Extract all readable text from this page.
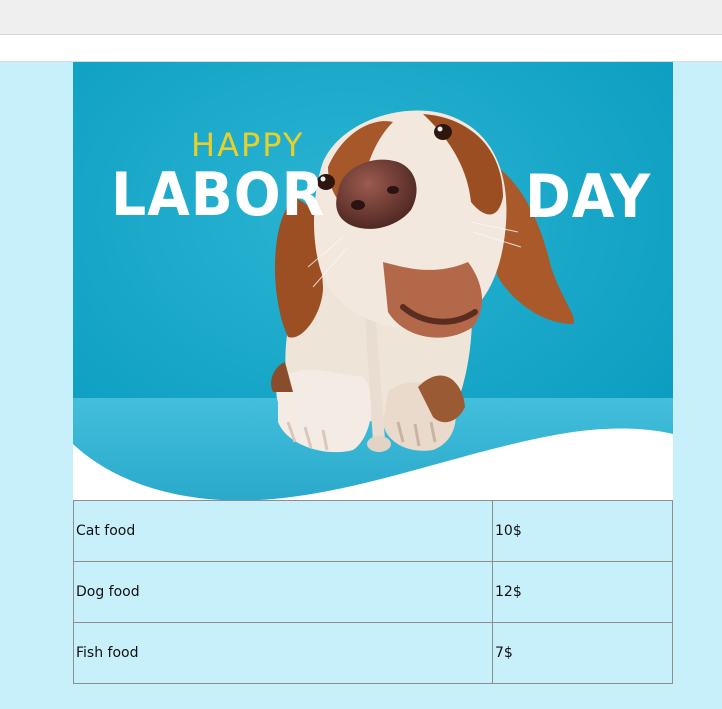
HAPPY
LABOR	DAY
Cat food	10$
Dog food	12$
Fish food	7$
